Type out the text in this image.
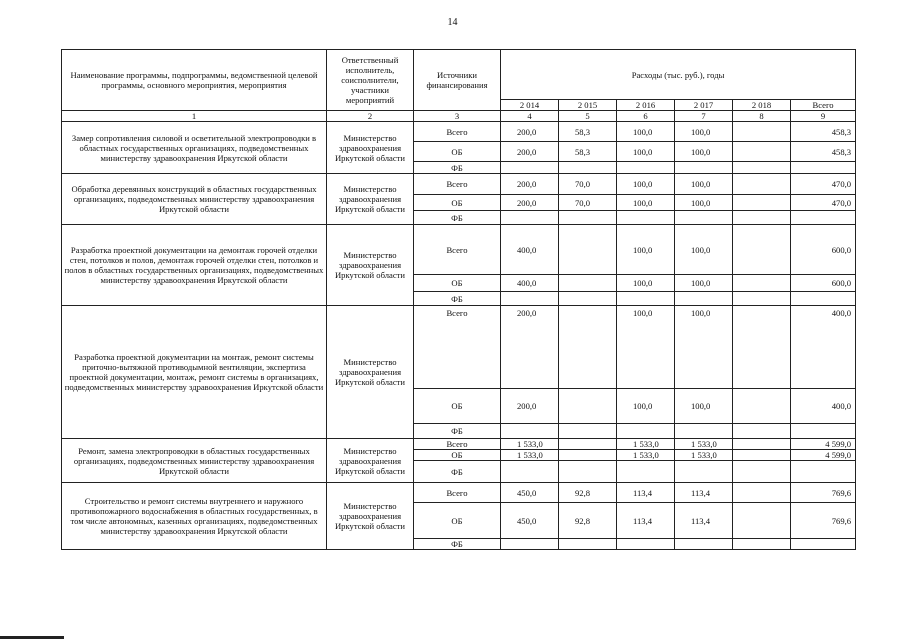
14
Наименование программы, подпрограммы, ведомственной целевой программы, основного мероприятия, мероприятия	Ответственный исполнитель, соисполнители, участники мероприятий	Источники финансирования	Расходы (тыс. руб.), годы					
			2 014	2 015	2 016	2 017	2 018	Всего
1	2	3	4	5	6	7	8	9
Замер сопротивления силовой и осветительной электропроводки в областных государственных организациях, подведомственных министерству здравоохранения Иркутской области	Министерство здравоохранения Иркутской области	Всего	200,0	58,3	100,0	100,0		458,3
		ОБ	200,0	58,3	100,0	100,0		458,3
		ФБ						
Обработка деревянных конструкций в областных государственных организациях, подведомственных министерству здравоохранения Иркутской области	Министерство здравоохранения Иркутской области	Всего	200,0	70,0	100,0	100,0		470,0
		ОБ	200,0	70,0	100,0	100,0		470,0
		ФБ						
Разработка проектной документации на демонтаж горочей отделки стен, потолков и полов, демонтаж горочей отделки стен, потолков и полов в областных государственных организациях, подведомственных министерству здравоохранения Иркутской области	Министерство здравоохранения Иркутской области	Всего	400,0		100,0	100,0		600,0
		ОБ	400,0		100,0	100,0		600,0
		ФБ						
Разработка проектной документации на монтаж, ремонт системы приточно-вытяжной противодымной вентиляции, экспертиза проектной документации, монтаж, ремонт системы в организациях, подведомственных министерству здравоохранения Иркутской области	Министерство здравоохранения Иркутской области	Всего	200,0		100,0	100,0		400,0
		ОБ	200,0		100,0	100,0		400,0
		ФБ						
Ремонт, замена электропроводки в областных государственных организациях, подведомственных министерству здравоохранения Иркутской области	Министерство здравоохранения Иркутской области	Всего	1 533,0		1 533,0	1 533,0		4 599,0
		ОБ	1 533,0		1 533,0	1 533,0		4 599,0
		ФБ						
Строительство и ремонт системы внутреннего и наружного противопожарного водоснабжения в областных государственных, в том числе автономных, казенных организациях, подведомственных министерству здравоохранения Иркутской области	Министерство здравоохранения Иркутской области	Всего	450,0	92,8	113,4	113,4		769,6
		ОБ	450,0	92,8	113,4	113,4		769,6
		ФБ						
